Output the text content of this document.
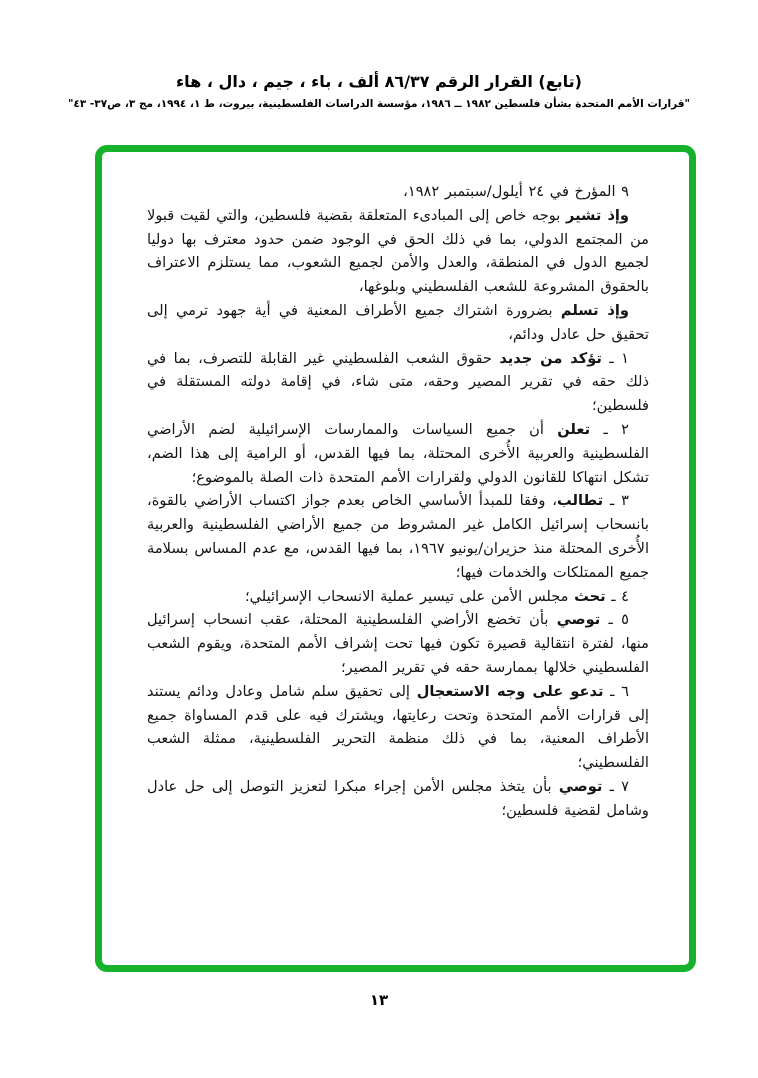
(تابع) القرار الرقم ٨٦/٣٧ ألف ، باء ، جيم ، دال ، هاء
"قرارات الأمم المتحدة بشأن فلسطين ١٩٨٢ ــ ١٩٨٦، مؤسسة الدراسات الفلسطينية، بيروت، ط ١، ١٩٩٤، مج ٣، ص٣٧- ٤٣"

٩ المؤرخ في ٢٤ أيلول/سبتمبر ١٩٨٢،

وإذ تشير بوجه خاص إلى المبادىء المتعلقة بقضية فلسطين، والتي لقيت قبولا من المجتمع الدولي، بما في ذلك الحق في الوجود ضمن حدود معترف بها دوليا لجميع الدول في المنطقة، والعدل والأمن لجميع الشعوب، مما يستلزم الاعتراف بالحقوق المشروعة للشعب الفلسطيني وبلوغها،

وإذ تسلم بضرورة اشتراك جميع الأطراف المعنية في أية جهود ترمي إلى تحقيق حل عادل ودائم،

١ ـ تؤكد من جديد حقوق الشعب الفلسطيني غير القابلة للتصرف، بما في ذلك حقه في تقرير المصير وحقه، متى شاء، في إقامة دولته المستقلة في فلسطين؛

٢ ـ تعلن أن جميع السياسات والممارسات الإسرائيلية لضم الأراضي الفلسطينية والعربية الأُخرى المحتلة، بما فيها القدس، أو الرامية إلى هذا الضم، تشكل انتهاكا للقانون الدولي ولقرارات الأمم المتحدة ذات الصلة بالموضوع؛

٣ ـ تطالب، وفقا للمبدأ الأساسي الخاص بعدم جواز اكتساب الأراضي بالقوة، بانسحاب إسرائيل الكامل غير المشروط من جميع الأراضي الفلسطينية والعربية الأُخرى المحتلة منذ حزيران/يونيو ١٩٦٧، بما فيها القدس، مع عدم المساس بسلامة جميع الممتلكات والخدمات فيها؛

٤ ـ تحث مجلس الأمن على تيسير عملية الانسحاب الإسرائيلي؛

٥ ـ توصي بأن تخضع الأراضي الفلسطينية المحتلة، عقب انسحاب إسرائيل منها، لفترة انتقالية قصيرة تكون فيها تحت إشراف الأمم المتحدة، ويقوم الشعب الفلسطيني خلالها بممارسة حقه في تقرير المصير؛

٦ ـ تدعو على وجه الاستعجال إلى تحقيق سلم شامل وعادل ودائم يستند إلى قرارات الأمم المتحدة وتحت رعايتها، ويشترك فيه على قدم المساواة جميع الأطراف المعنية، بما في ذلك منظمة التحرير الفلسطينية، ممثلة الشعب الفلسطيني؛

٧ ـ توصي بأن يتخذ مجلس الأمن إجراء مبكرا لتعزيز التوصل إلى حل عادل وشامل لقضية فلسطين؛

١٣
